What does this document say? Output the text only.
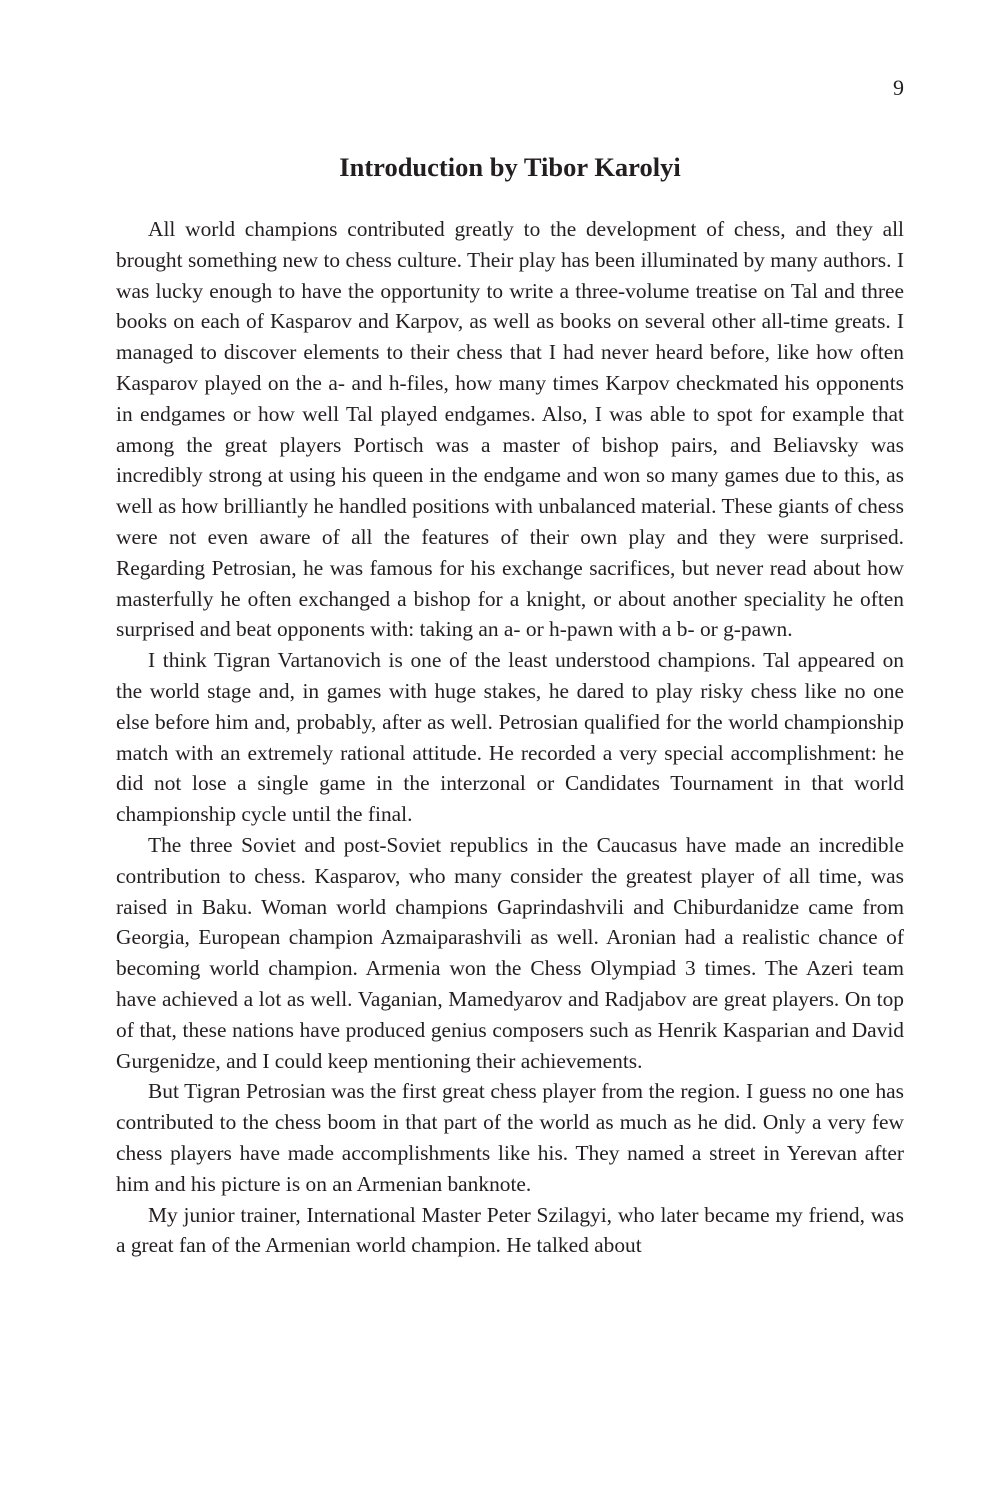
9
Introduction by Tibor Karolyi

All world champions contributed greatly to the development of chess, and they all brought something new to chess culture. Their play has been illuminated by many authors. I was lucky enough to have the opportunity to write a three-volume treatise on Tal and three books on each of Kasparov and Karpov, as well as books on several other all-time greats. I managed to discover elements to their chess that I had never heard before, like how often Kasparov played on the a- and h-files, how many times Karpov checkmated his opponents in endgames or how well Tal played endgames. Also, I was able to spot for example that among the great players Portisch was a master of bishop pairs, and Beliavsky was incredibly strong at using his queen in the endgame and won so many games due to this, as well as how brilliantly he handled positions with unbalanced material. These giants of chess were not even aware of all the features of their own play and they were surprised. Regarding Petrosian, he was famous for his exchange sacrifices, but never read about how masterfully he often exchanged a bishop for a knight, or about another speciality he often surprised and beat opponents with: taking an a- or h-pawn with a b- or g-pawn.

I think Tigran Vartanovich is one of the least understood champions. Tal appeared on the world stage and, in games with huge stakes, he dared to play risky chess like no one else before him and, probably, after as well. Petrosian qualified for the world championship match with an extremely rational attitude. He recorded a very special accomplishment: he did not lose a single game in the interzonal or Candidates Tournament in that world championship cycle until the final.

The three Soviet and post-Soviet republics in the Caucasus have made an incredible contribution to chess. Kasparov, who many consider the greatest player of all time, was raised in Baku. Woman world champions Gaprindashvili and Chiburdanidze came from Georgia, European champion Azmaiparashvili as well. Aronian had a realistic chance of becoming world champion. Armenia won the Chess Olympiad 3 times. The Azeri team have achieved a lot as well. Vaganian, Mamedyarov and Radjabov are great players. On top of that, these nations have produced genius composers such as Henrik Kasparian and David Gurgenidze, and I could keep mentioning their achievements.

But Tigran Petrosian was the first great chess player from the region. I guess no one has contributed to the chess boom in that part of the world as much as he did. Only a very few chess players have made accomplishments like his. They named a street in Yerevan after him and his picture is on an Armenian banknote.

My junior trainer, International Master Peter Szilagyi, who later became my friend, was a great fan of the Armenian world champion. He talked about
